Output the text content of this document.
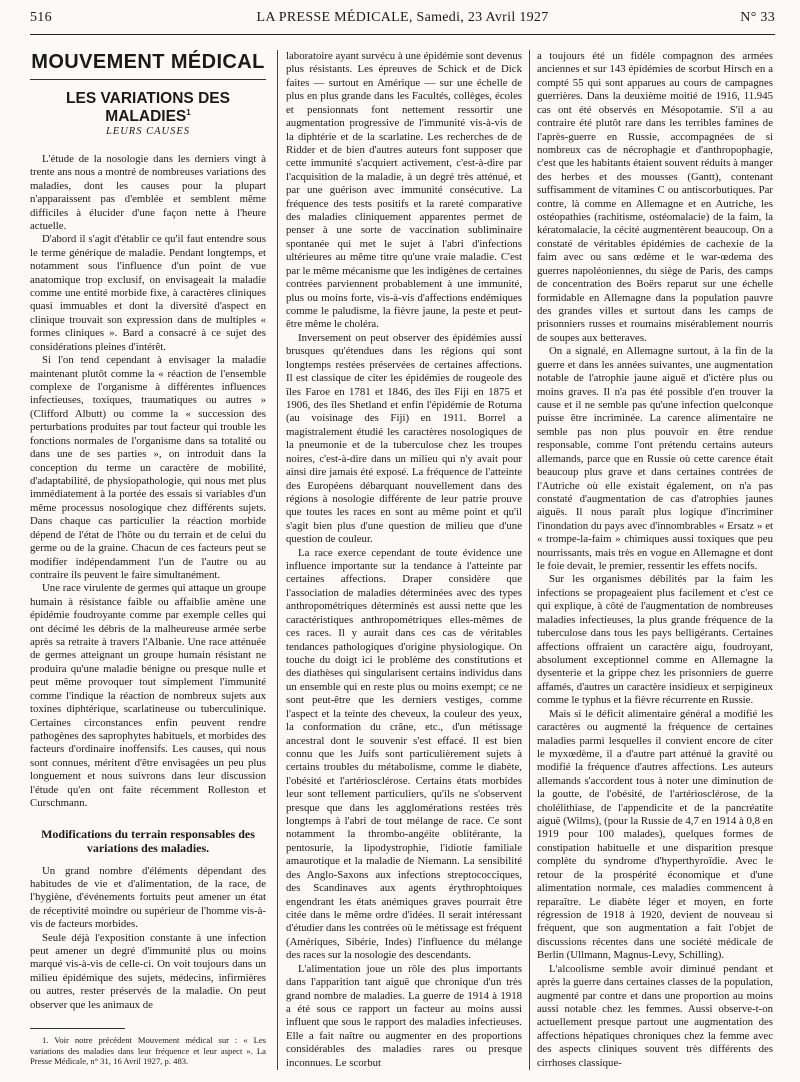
516	LA PRESSE MÉDICALE, Samedi, 23 Avril 1927	N° 33
MOUVEMENT MÉDICAL
LES VARIATIONS DES MALADIES$^1$
LEURS CAUSES

L'étude de la nosologie dans les derniers vingt à trente ans nous a montré de nombreuses variations des maladies, dont les causes pour la plupart n'apparaissent pas d'emblée et semblent même difficiles à élucider d'une façon nette à l'heure actuelle.

D'abord il s'agit d'établir ce qu'il faut entendre sous le terme générique de maladie. Pendant longtemps, et notamment sous l'influence d'un point de vue anatomique trop exclusif, on envisageait la maladie comme une entité morbide fixe, à caractères cliniques quasi immuables et dont la diversité d'aspect en clinique trouvait son expression dans de multiples « formes cliniques ». Bard a consacré à ce sujet des considérations pleines d'intérêt.

Si l'on tend cependant à envisager la maladie maintenant plutôt comme la « réaction de l'ensemble complexe de l'organisme à différentes influences infectieuses, toxiques, traumatiques ou autres » (Clifford Albutt) ou comme la « succession des perturbations produites par tout facteur qui trouble les fonctions normales de l'organisme dans sa totalité ou dans une de ses parties », on introduit dans la conception du terme un caractère de mobilité, d'adaptabilité, de physiopathologie, qui nous met plus immédiatement à la portée des essais si variables d'un même processus nosologique chez différents sujets. Dans chaque cas particulier la réaction morbide dépend de l'état de l'hôte ou du terrain et de celui du germe ou de la graine. Chacun de ces facteurs peut se modifier indépendamment l'un de l'autre ou au contraire ils peuvent le faire simultanément.

Une race virulente de germes qui attaque un groupe humain à résistance faible ou affaiblie amène une épidémie foudroyante comme par exemple celles qui ont décimé les débris de la malheureuse armée serbe après sa retraite à travers l'Albanie. Une race atténuée de germes atteignant un groupe humain résistant ne produira qu'une maladie bénigne ou presque nulle et peut même provoquer tout simplement l'immunité comme l'indique la réaction de nombreux sujets aux toxines diphtérique, scarlatineuse ou tuberculinique. Certaines circonstances enfin peuvent rendre pathogènes des saprophytes habituels, et morbides des facteurs d'ordinaire inoffensifs. Les causes, qui nous sont connues, méritent d'être envisagées un peu plus longuement et nous suivrons dans leur discussion l'étude qu'en ont faite récemment Rolleston et Curschmann.

Modifications du terrain responsables des variations des maladies.

Un grand nombre d'éléments dépendant des habitudes de vie et d'alimentation, de la race, de l'hygiène, d'événements fortuits peut amener un état de réceptivité moindre ou supérieur de l'homme vis-à-vis de facteurs morbides.

Seule déjà l'exposition constante à une infection peut amener un degré d'immunité plus ou moins marqué vis-à-vis de celle-ci. On voit toujours dans un milieu épidémique des sujets, médecins, infirmières ou autres, rester préservés de la maladie. On peut observer que les animaux de

1. Voir notre précédent Mouvement médical sur : « Les variations des maladies dans leur fréquence et leur aspect ». La Presse Médicale, n° 31, 16 Avril 1927, p. 483.

laboratoire ayant survécu à une épidémie sont devenus plus résistants. Les épreuves de Schick et de Dick faites — surtout en Amérique — sur une échelle de plus en plus grande dans les Facultés, collèges, écoles et pensionnats font nettement ressortir une augmentation progressive de l'immunité vis-à-vis de la diphtérie et de la scarlatine. Les recherches de de Ridder et de bien d'autres auteurs font supposer que cette immunité s'acquiert activement, c'est-à-dire par l'acquisition de la maladie, à un degré très atténué, et par une guérison avec immunité consécutive. La fréquence des tests positifs et la rareté comparative des maladies cliniquement apparentes permet de penser à une sorte de vaccination subliminaire spontanée qui met le sujet à l'abri d'infections ultérieures au même titre qu'une vraie maladie. C'est par le même mécanisme que les indigènes de certaines contrées parviennent probablement à une immunité, plus ou moins forte, vis-à-vis d'affections endémiques comme le paludisme, la fièvre jaune, la peste et peut-être même le choléra.

Inversement on peut observer des épidémies aussi brusques qu'étendues dans les régions qui sont longtemps restées préservées de certaines affections. Il est classique de citer les épidémies de rougeole des îles Faroe en 1781 et 1846, des îles Fiji en 1875 et 1906, des îles Shetland et enfin l'épidémie de Rotuma (au voisinage des Fiji) en 1911. Borrel a magistralement étudié les caractères nosologiques de la pneumonie et de la tuberculose chez les troupes noires, c'est-à-dire dans un milieu qui n'y avait pour ainsi dire jamais été exposé. La fréquence de l'atteinte des Européens débarquant nouvellement dans des régions à nosologie différente de leur patrie prouve que toutes les races en sont au même point et qu'il s'agit bien plus d'une question de milieu que d'une question de couleur.

La race exerce cependant de toute évidence une influence importante sur la tendance à l'atteinte par certaines affections. Draper considère que l'association de maladies déterminées avec des types anthropométriques déterminés est aussi nette que les caractéristiques anthropométriques elles-mêmes de ces races. Il y aurait dans ces cas de véritables tendances pathologiques d'origine physiologique. On touche du doigt ici le problème des constitutions et des diathèses qui singularisent certains individus dans un ensemble qui en reste plus ou moins exempt; ce ne sont peut-être que les derniers vestiges, comme l'aspect et la teinte des cheveux, la couleur des yeux, la conformation du crâne, etc., d'un métissage ancestral dont le souvenir s'est effacé. Il est bien connu que les Juifs sont particulièrement sujets à certains troubles du métabolisme, comme le diabète, l'obésité et l'artériosclérose. Certains états morbides leur sont tellement particuliers, qu'ils ne s'observent presque que dans les agglomérations restées très longtemps à l'abri de tout mélange de race. Ce sont notamment la thrombo-angéite oblitérante, la pentosurie, la lipodystrophie, l'idiotie familiale amaurotique et la maladie de Niemann. La sensibilité des Anglo-Saxons aux infections streptococciques, des Scandinaves aux agents érythrophtoiques engendrant les états anémiques graves pourrait être citée dans le même ordre d'idées. Il serait intéressant d'étudier dans les contrées où le métissage est fréquent (Amériques, Sibérie, Indes) l'influence du mélange des races sur la nosologie des descendants.

L'alimentation joue un rôle des plus importants dans l'apparition tant aiguë que chronique d'un très grand nombre de maladies. La guerre de 1914 à 1918 a été sous ce rapport un facteur au moins aussi influent que sous le rapport des maladies infectieuses. Elle a fait naître ou augmenter en des proportions considérables des maladies rares ou presque inconnues. Le scorbut

a toujours été un fidèle compagnon des armées anciennes et sur 143 épidémies de scorbut Hirsch en a compté 55 qui sont apparues au cours de campagnes guerrières. Dans la deuxième moitié de 1916, 11.945 cas ont été observés en Mésopotamie. S'il a au contraire été plutôt rare dans les terribles famines de l'après-guerre en Russie, accompagnées de si nombreux cas de nécrophagie et d'anthropophagie, c'est que les habitants étaient souvent réduits à manger des herbes et des mousses (Gantt), contenant suffisamment de vitamines C ou antiscorbutiques. Par contre, là comme en Allemagne et en Autriche, les ostéopathies (rachitisme, ostéomalacie) de la faim, la kératomalacie, la cécité augmentèrent beaucoup. On a constaté de véritables épidémies de cachexie de la faim avec ou sans œdème et le war-œdema des guerres napoléoniennes, du siège de Paris, des camps de concentration des Boërs reparut sur une échelle formidable en Allemagne dans la population pauvre des grandes villes et surtout dans les camps de prisonniers russes et roumains misérablement nourris de soupes aux betteraves.

On a signalé, en Allemagne surtout, à la fin de la guerre et dans les années suivantes, une augmentation notable de l'atrophie jaune aiguë et d'ictère plus ou moins graves. Il n'a pas été possible d'en trouver la cause et il ne semble pas qu'une infection quelconque puisse être incriminée. La carence alimentaire ne semble pas non plus pouvoir en être rendue responsable, comme l'ont prétendu certains auteurs allemands, parce que en Russie où cette carence était beaucoup plus grave et dans certaines contrées de l'Autriche où elle existait également, on n'a pas constaté d'augmentation de cas d'atrophies jaunes aiguës. Il nous paraît plus logique d'incriminer l'inondation du pays avec d'innombrables « Ersatz » et « trompe-la-faim » chimiques aussi toxiques que peu nourrissants, mais très en vogue en Allemagne et dont le foie devait, le premier, ressentir les effets nocifs.

Sur les organismes débilités par la faim les infections se propageaient plus facilement et c'est ce qui explique, à côté de l'augmentation de nombreuses maladies infectieuses, la plus grande fréquence de la tuberculose dans tous les pays belligérants. Certaines affections offraient un caractère aigu, foudroyant, absolument exceptionnel comme en Allemagne la dysenterie et la grippe chez les prisonniers de guerre affamés, d'autres un caractère insidieux et serpigineux comme le typhus et la fièvre récurrente en Russie.

Mais si le déficit alimentaire général a modifié les caractères ou augmenté la fréquence de certaines maladies parmi lesquelles il convient encore de citer le myxœdème, il a d'autre part atténué la gravité ou modifié la fréquence d'autres affections. Les auteurs allemands s'accordent tous à noter une diminution de la goutte, de l'obésité, de l'artériosclérose, de la cholélithiase, de l'appendicite et de la pancréatite aiguë (Wilms), (pour la Russie de 4,7 en 1914 à 0,8 en 1919 pour 100 malades), quelques formes de constipation habituelle et une disparition presque complète du syndrome d'hyperthyroïdie. Avec le retour de la prospérité économique et d'une alimentation normale, ces maladies commencent à reparaître. Le diabète léger et moyen, en forte régression de 1918 à 1920, devient de nouveau si fréquent, que son augmentation a fait l'objet de discussions récentes dans une société médicale de Berlin (Ullmann, Magnus-Levy, Schilling).

L'alcoolisme semble avoir diminué pendant et après la guerre dans certaines classes de la population, augmenté par contre et dans une proportion au moins aussi notable chez les femmes. Aussi observe-t-on actuellement presque partout une augmentation des affections hépatiques chroniques chez la femme avec des aspects cliniques souvent très différents des cirrhoses classique-
